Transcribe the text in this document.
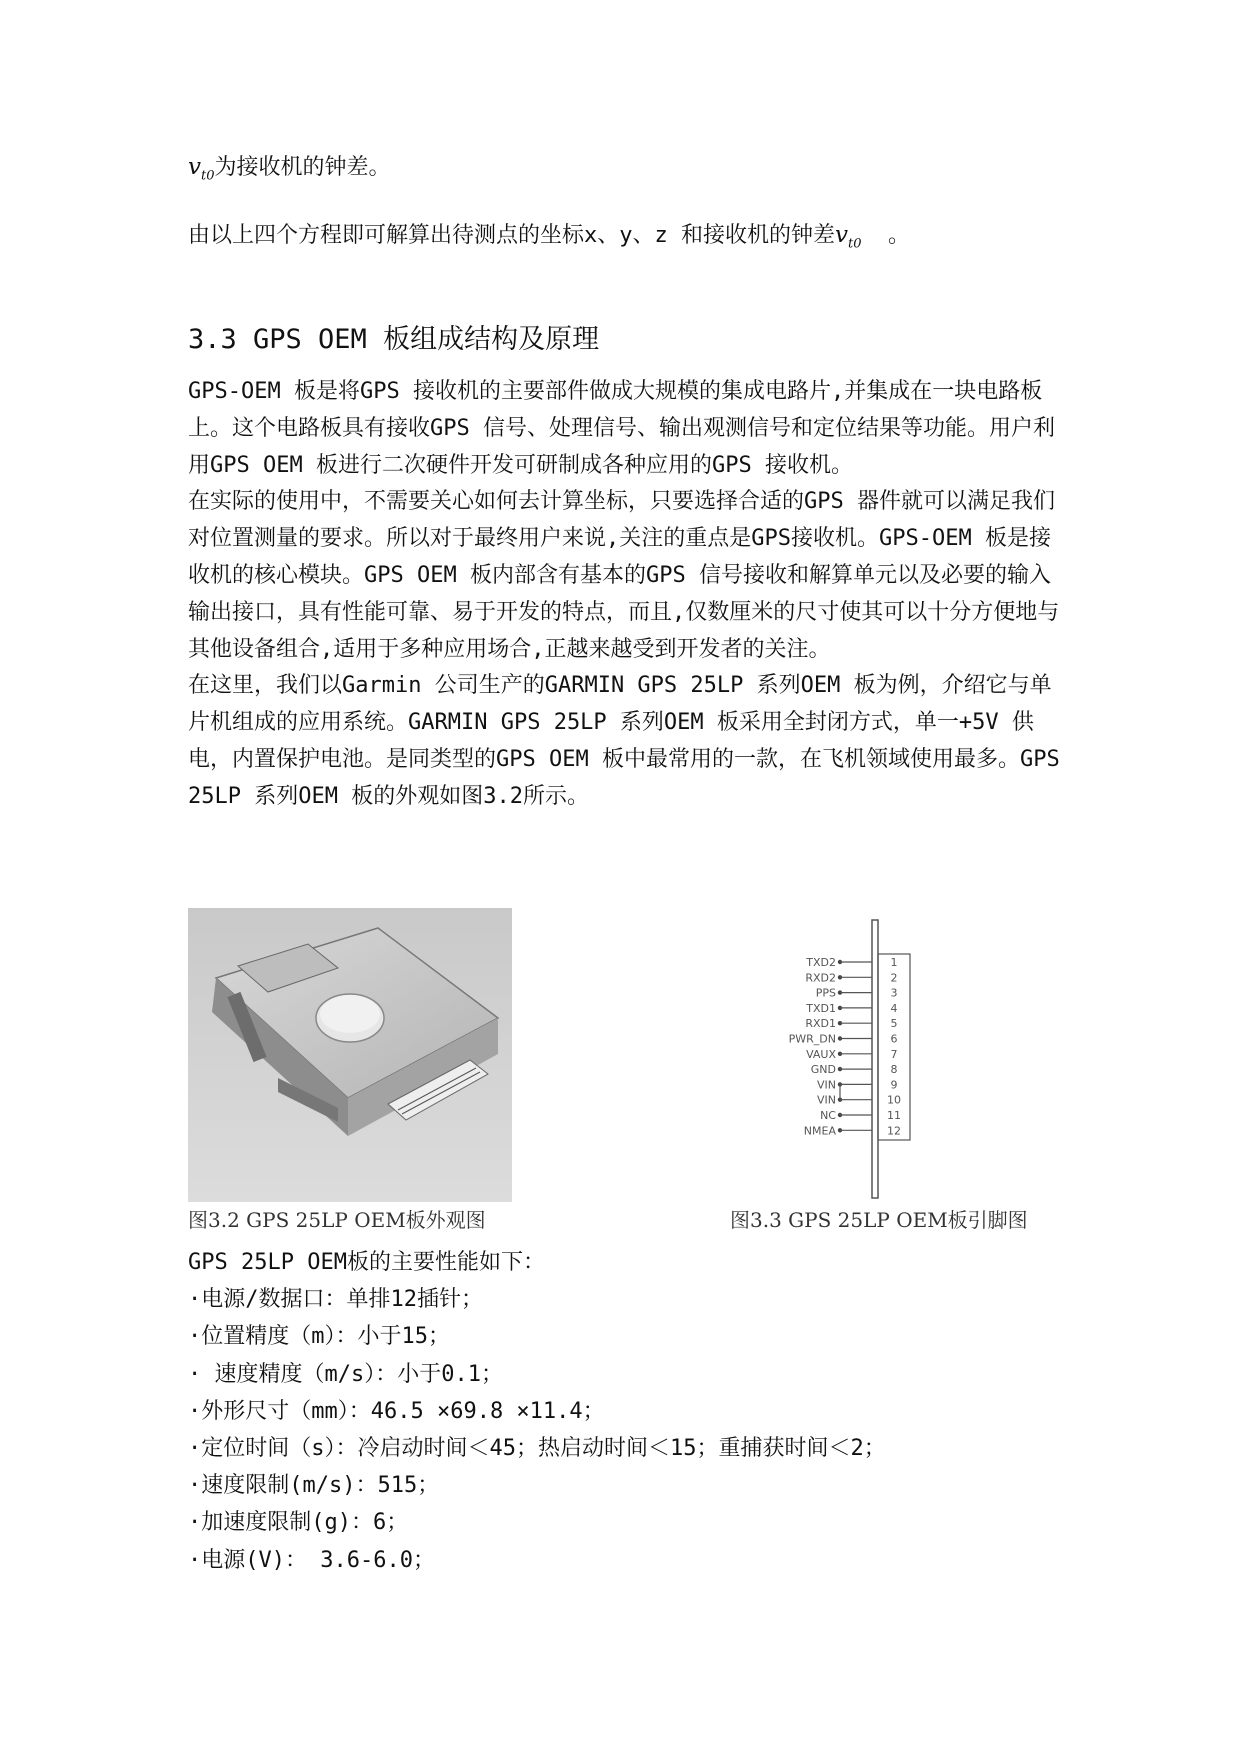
$v_{t0}$为接收机的钟差。
由以上四个方程即可解算出待测点的坐标x、y、z 和接收机的钟差$v_{t0}$ 。
3.3 GPS OEM 板组成结构及原理

GPS-OEM 板是将GPS 接收机的主要部件做成大规模的集成电路片,并集成在一块电路板上。这个电路板具有接收GPS 信号、处理信号、输出观测信号和定位结果等功能。用户利用GPS OEM 板进行二次硬件开发可研制成各种应用的GPS 接收机。

在实际的使用中，不需要关心如何去计算坐标，只要选择合适的GPS 器件就可以满足我们对位置测量的要求。所以对于最终用户来说,关注的重点是GPS接收机。GPS-OEM 板是接收机的核心模块。GPS OEM 板内部含有基本的GPS 信号接收和解算单元以及必要的输入输出接口，具有性能可靠、易于开发的特点，而且,仅数厘米的尺寸使其可以十分方便地与其他设备组合,适用于多种应用场合,正越来越受到开发者的关注。

在这里，我们以Garmin 公司生产的GARMIN GPS 25LP 系列OEM 板为例，介绍它与单片机组成的应用系统。GARMIN GPS 25LP 系列OEM 板采用全封闭方式，单一+5V 供电，内置保护电池。是同类型的GPS OEM 板中最常用的一款，在飞机领域使用最多。GPS 25LP 系列OEM 板的外观如图3.2所示。

TXD2	1
RXD2	2
PPS	3
TXD1	4
RXD1	5
PWR_DN	6
VAUX	7
GND	8
VIN	9
VIN	10
NC	11
NMEA	12
图3.2 GPS 25LP OEM板外观图	图3.3 GPS 25LP OEM板引脚图
GPS 25LP OEM板的主要性能如下：
·电源/数据口：单排12插针；
·位置精度（m）：小于15；
· 速度精度（m/s）：小于0.1；
·外形尺寸（mm）：46.5 ×69.8 ×11.4；
·定位时间（s）：冷启动时间＜45；热启动时间＜15；重捕获时间＜2；
·速度限制(m/s)：515；
·加速度限制(g)：6；
·电源(V)： 3.6-6.0；
